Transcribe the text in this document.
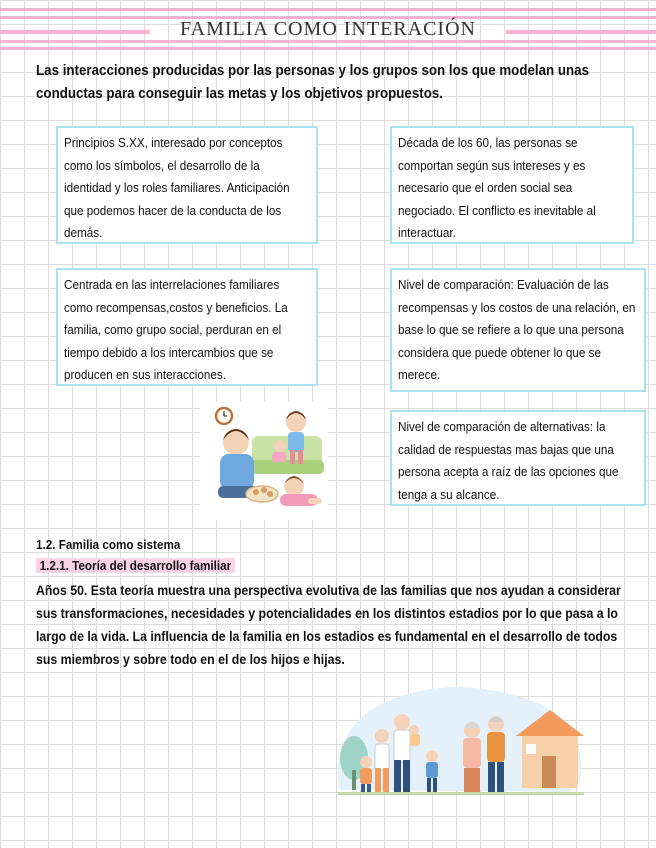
FAMILIA COMO INTERACIÓN
Las interacciones producidas por las personas y los grupos son los que modelan unas conductas para conseguir las metas y los objetivos propuestos.

Principios S.XX, interesado por conceptos como los símbolos, el desarrollo de la identidad y los roles familiares. Anticipación que podemos hacer de la conducta de los demás.

Década de los 60, las personas se comportan según sus intereses y es necesario que el orden social sea negociado. El conflicto es inevitable al interactuar.

Centrada en las interrelaciones familiares como recompensas,costos y beneficios. La familia, como grupo social, perduran en el tiempo debido a los intercambios que se producen en sus interacciones.

Nivel de comparación: Evaluación de las recompensas y los costos de una relación, en base lo que se refiere a lo que una persona considera que puede obtener lo que se merece.

Nivel de comparación de alternativas: la calidad de respuestas mas bajas que una persona acepta a raíz de las opciones que tenga a su alcance.

1.2. Familia como sistema
1.2.1. Teoría del desarrollo familiar
Años 50. Esta teoría muestra una perspectiva evolutiva de las familias que nos ayudan a considerar sus transformaciones, necesidades y potencialidades en los distintos estadios por lo que pasa a lo largo de la vida. La influencia de la familia en los estadios es fundamental en el desarrollo de todos sus miembros y sobre todo en el de los hijos e hijas.
